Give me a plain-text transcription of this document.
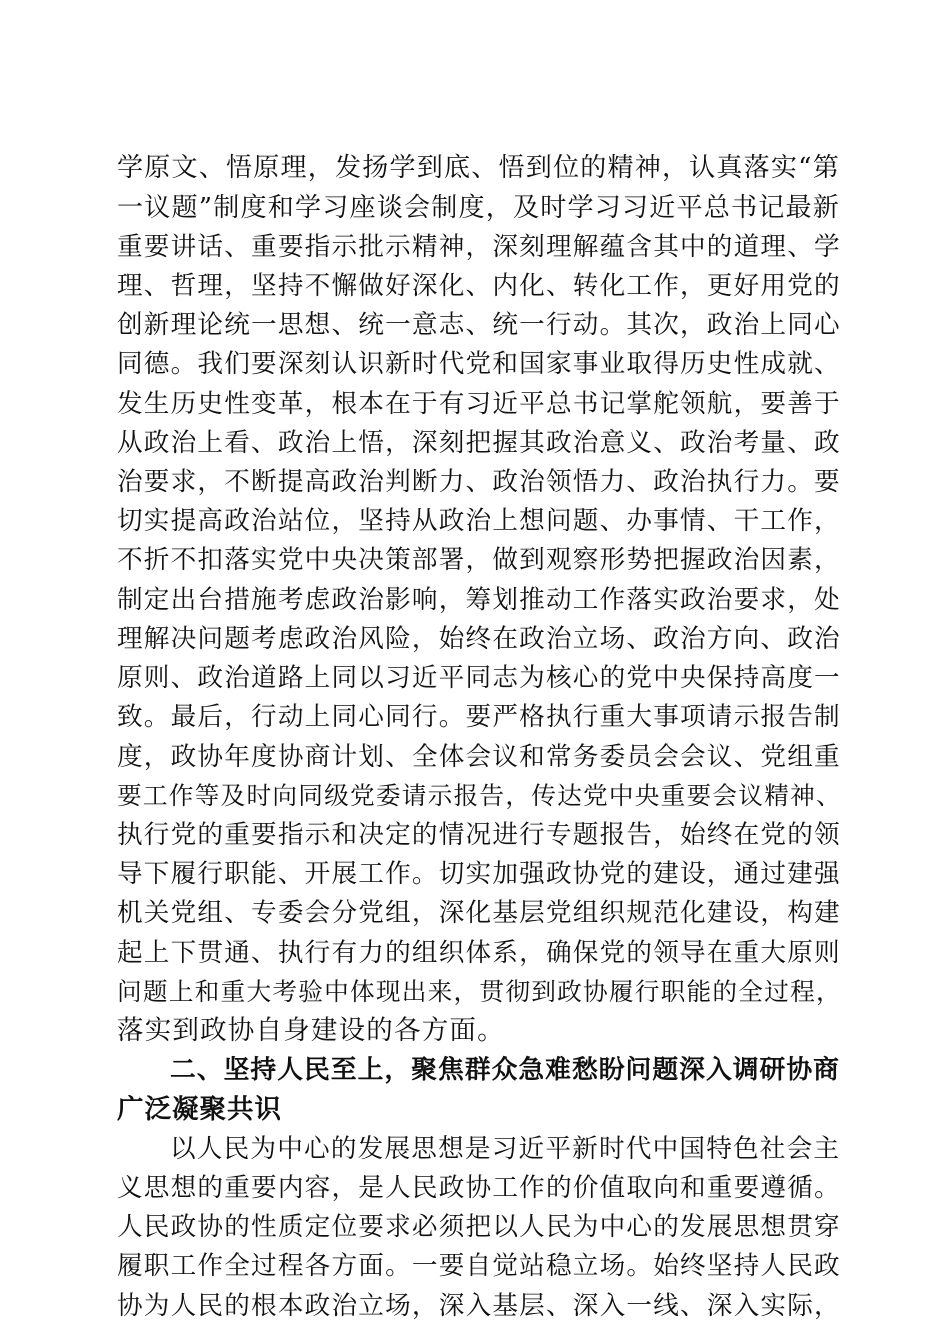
学原文、悟原理，发扬学到底、悟到位的精神，认真落实“第
一议题”制度和学习座谈会制度，及时学习习近平总书记最新
重要讲话、重要指示批示精神，深刻理解蕴含其中的道理、学
理、哲理，坚持不懈做好深化、内化、转化工作，更好用党的
创新理论统一思想、统一意志、统一行动。其次，政治上同心
同德。我们要深刻认识新时代党和国家事业取得历史性成就、
发生历史性变革，根本在于有习近平总书记掌舵领航，要善于
从政治上看、政治上悟，深刻把握其政治意义、政治考量、政
治要求，不断提高政治判断力、政治领悟力、政治执行力。要
切实提高政治站位，坚持从政治上想问题、办事情、干工作，
不折不扣落实党中央决策部署，做到观察形势把握政治因素，
制定出台措施考虑政治影响，筹划推动工作落实政治要求，处
理解决问题考虑政治风险，始终在政治立场、政治方向、政治
原则、政治道路上同以习近平同志为核心的党中央保持高度一
致。最后，行动上同心同行。要严格执行重大事项请示报告制
度，政协年度协商计划、全体会议和常务委员会会议、党组重
要工作等及时向同级党委请示报告，传达党中央重要会议精神、
执行党的重要指示和决定的情况进行专题报告，始终在党的领
导下履行职能、开展工作。切实加强政协党的建设，通过建强
机关党组、专委会分党组，深化基层党组织规范化建设，构建
起上下贯通、执行有力的组织体系，确保党的领导在重大原则
问题上和重大考验中体现出来，贯彻到政协履行职能的全过程，
落实到政协自身建设的各方面。
二、坚持人民至上，聚焦群众急难愁盼问题深入调研协商
广泛凝聚共识
以人民为中心的发展思想是习近平新时代中国特色社会主
义思想的重要内容，是人民政协工作的价值取向和重要遵循。
人民政协的性质定位要求必须把以人民为中心的发展思想贯穿
履职工作全过程各方面。一要自觉站稳立场。始终坚持人民政
协为人民的根本政治立场，深入基层、深入一线、深入实际，
